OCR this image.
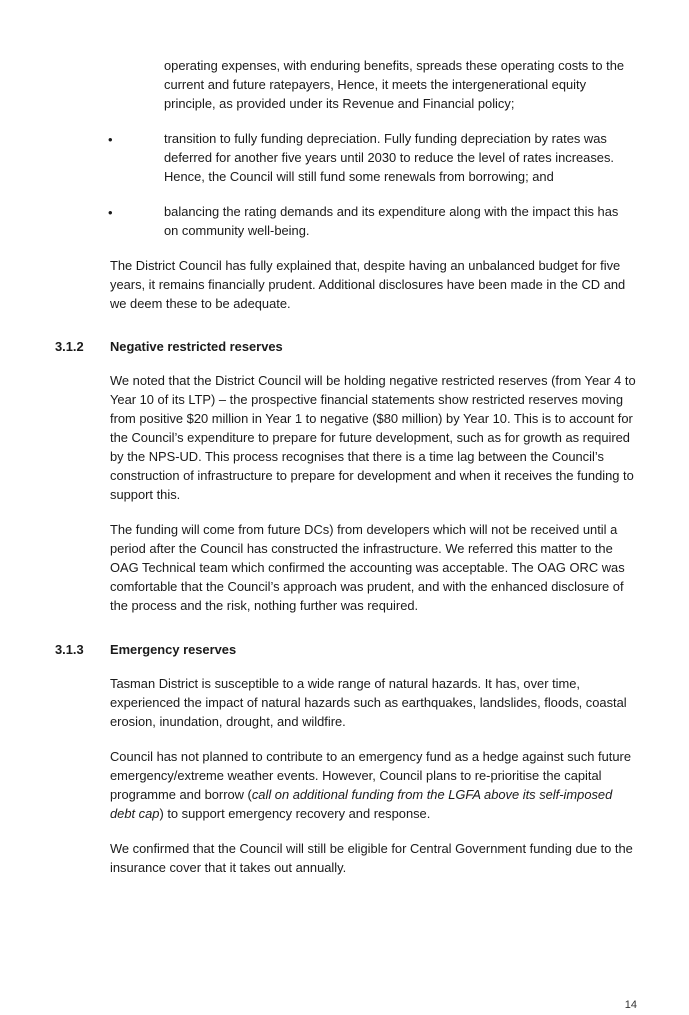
operating expenses, with enduring benefits, spreads these operating costs to the current and future ratepayers, Hence, it meets the intergenerational equity principle, as provided under its Revenue and Financial policy;

•	transition to fully funding depreciation. Fully funding depreciation by rates was deferred for another five years until 2030 to reduce the level of rates increases. Hence, the Council will still fund some renewals from borrowing; and

•	balancing the rating demands and its expenditure along with the impact this has on community well-being.

The District Council has fully explained that, despite having an unbalanced budget for five years, it remains financially prudent. Additional disclosures have been made in the CD and we deem these to be adequate.

3.1.2 Negative restricted reserves

We noted that the District Council will be holding negative restricted reserves (from Year 4 to Year 10 of its LTP) – the prospective financial statements show restricted reserves moving from positive $20 million in Year 1 to negative ($80 million) by Year 10. This is to account for the Council’s expenditure to prepare for future development, such as for growth as required by the NPS-UD. This process recognises that there is a time lag between the Council’s construction of infrastructure to prepare for development and when it receives the funding to support this.

The funding will come from future DCs) from developers which will not be received until a period after the Council has constructed the infrastructure. We referred this matter to the OAG Technical team which confirmed the accounting was acceptable. The OAG ORC was comfortable that the Council’s approach was prudent, and with the enhanced disclosure of the process and the risk, nothing further was required.

3.1.3 Emergency reserves

Tasman District is susceptible to a wide range of natural hazards. It has, over time, experienced the impact of natural hazards such as earthquakes, landslides, floods, coastal erosion, inundation, drought, and wildfire.

Council has not planned to contribute to an emergency fund as a hedge against such future emergency/extreme weather events. However, Council plans to re-prioritise the capital programme and borrow (call on additional funding from the LGFA above its self-imposed debt cap) to support emergency recovery and response.

We confirmed that the Council will still be eligible for Central Government funding due to the insurance cover that it takes out annually.

14
